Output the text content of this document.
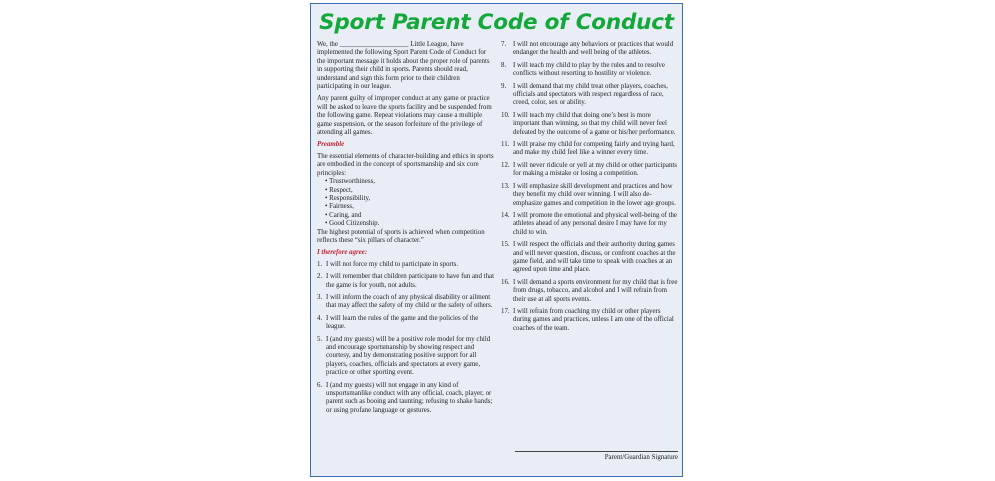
Sport Parent Code of Conduct

We, the ____________________ Little League, have implemented the following Sport Parent Code of Conduct for the important message it holds about the proper role of parents in supporting their child in sports. Parents should read, understand and sign this form prior to their children participating in our league.

Any parent guilty of improper conduct at any game or practice will be asked to leave the sports facility and be suspended from the following game. Repeat violations may cause a multiple game suspension, or the season forfeiture of the privilege of attending all games.

Preamble
The essential elements of character-building and ethics in sports are embodied in the concept of sportsmanship and six core principles:
• Trustworthiness,
• Respect,
• Responsibility,
• Fairness,
• Caring, and
• Good Citizenship.

The highest potential of sports is achieved when competition reflects these “six pillars of character.”

I therefore agree:
1. I will not force my child to participate in sports.
2. I will remember that children participate to have fun and that the game is for youth, not adults.
3. I will inform the coach of any physical disability or ailment that may affect the safety of my child or the safety of others.
4. I will learn the rules of the game and the policies of the league.
5. I (and my guests) will be a positive role model for my child and encourage sportsmanship by showing respect and courtesy, and by demonstrating positive support for all players, coaches, officials and spectators at every game, practice or other sporting event.
6. I (and my guests) will not engage in any kind of unsportsmanlike conduct with any official, coach, player, or parent such as booing and taunting; refusing to shake hands; or using profane language or gestures.
7. I will not encourage any behaviors or practices that would endanger the health and well being of the athletes.
8. I will teach my child to play by the rules and to resolve conflicts without resorting to hostility or violence.
9. I will demand that my child treat other players, coaches, officials and spectators with respect regardless of race, creed, color, sex or ability.
10. I will teach my child that doing one’s best is more important than winning, so that my child will never feel defeated by the outcome of a game or his/her performance.
11. I will praise my child for competing fairly and trying hard, and make my child feel like a winner every time.
12. I will never ridicule or yell at my child or other participants for making a mistake or losing a competition.
13. I will emphasize skill development and practices and how they benefit my child over winning. I will also de-emphasize games and competition in the lower age groups.
14. I will promote the emotional and physical well-being of the athletes ahead of any personal desire I may have for my child to win.
15. I will respect the officials and their authority during games and will never question, discuss, or confront coaches at the game field, and will take time to speak with coaches at an agreed upon time and place.
16. I will demand a sports environment for my child that is free from drugs, tobacco, and alcohol and I will refrain from their use at all sports events.
17. I will refrain from coaching my child or other players during games and practices, unless I am one of the official coaches of the team.
Parent/Guardian Signature
